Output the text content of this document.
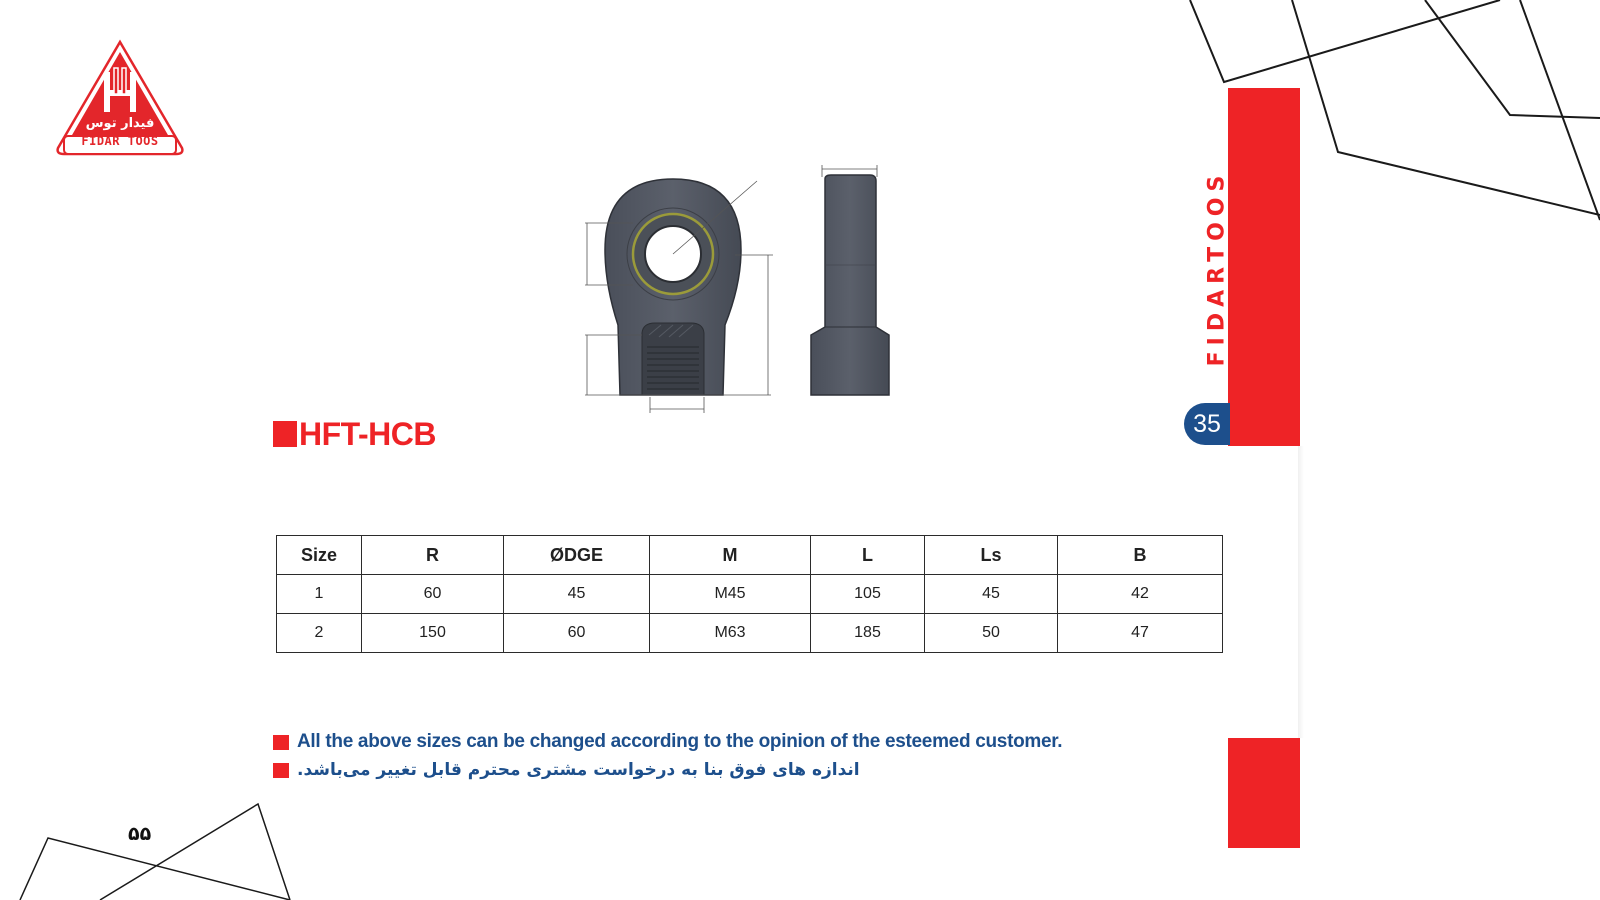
فیدار توس
FIDAR TOOS
FIDARTOOS
35
HFT-HCB
Size	R	ØDGE	M	L	Ls	B
1	60	45	M45	105	45	42
2	150	60	M63	185	50	47
All the above sizes can be changed according to the opinion of the esteemed customer.
اندازه های فوق بنا به درخواست مشتری محترم قابل تغییر می‌باشد.
۵۵
